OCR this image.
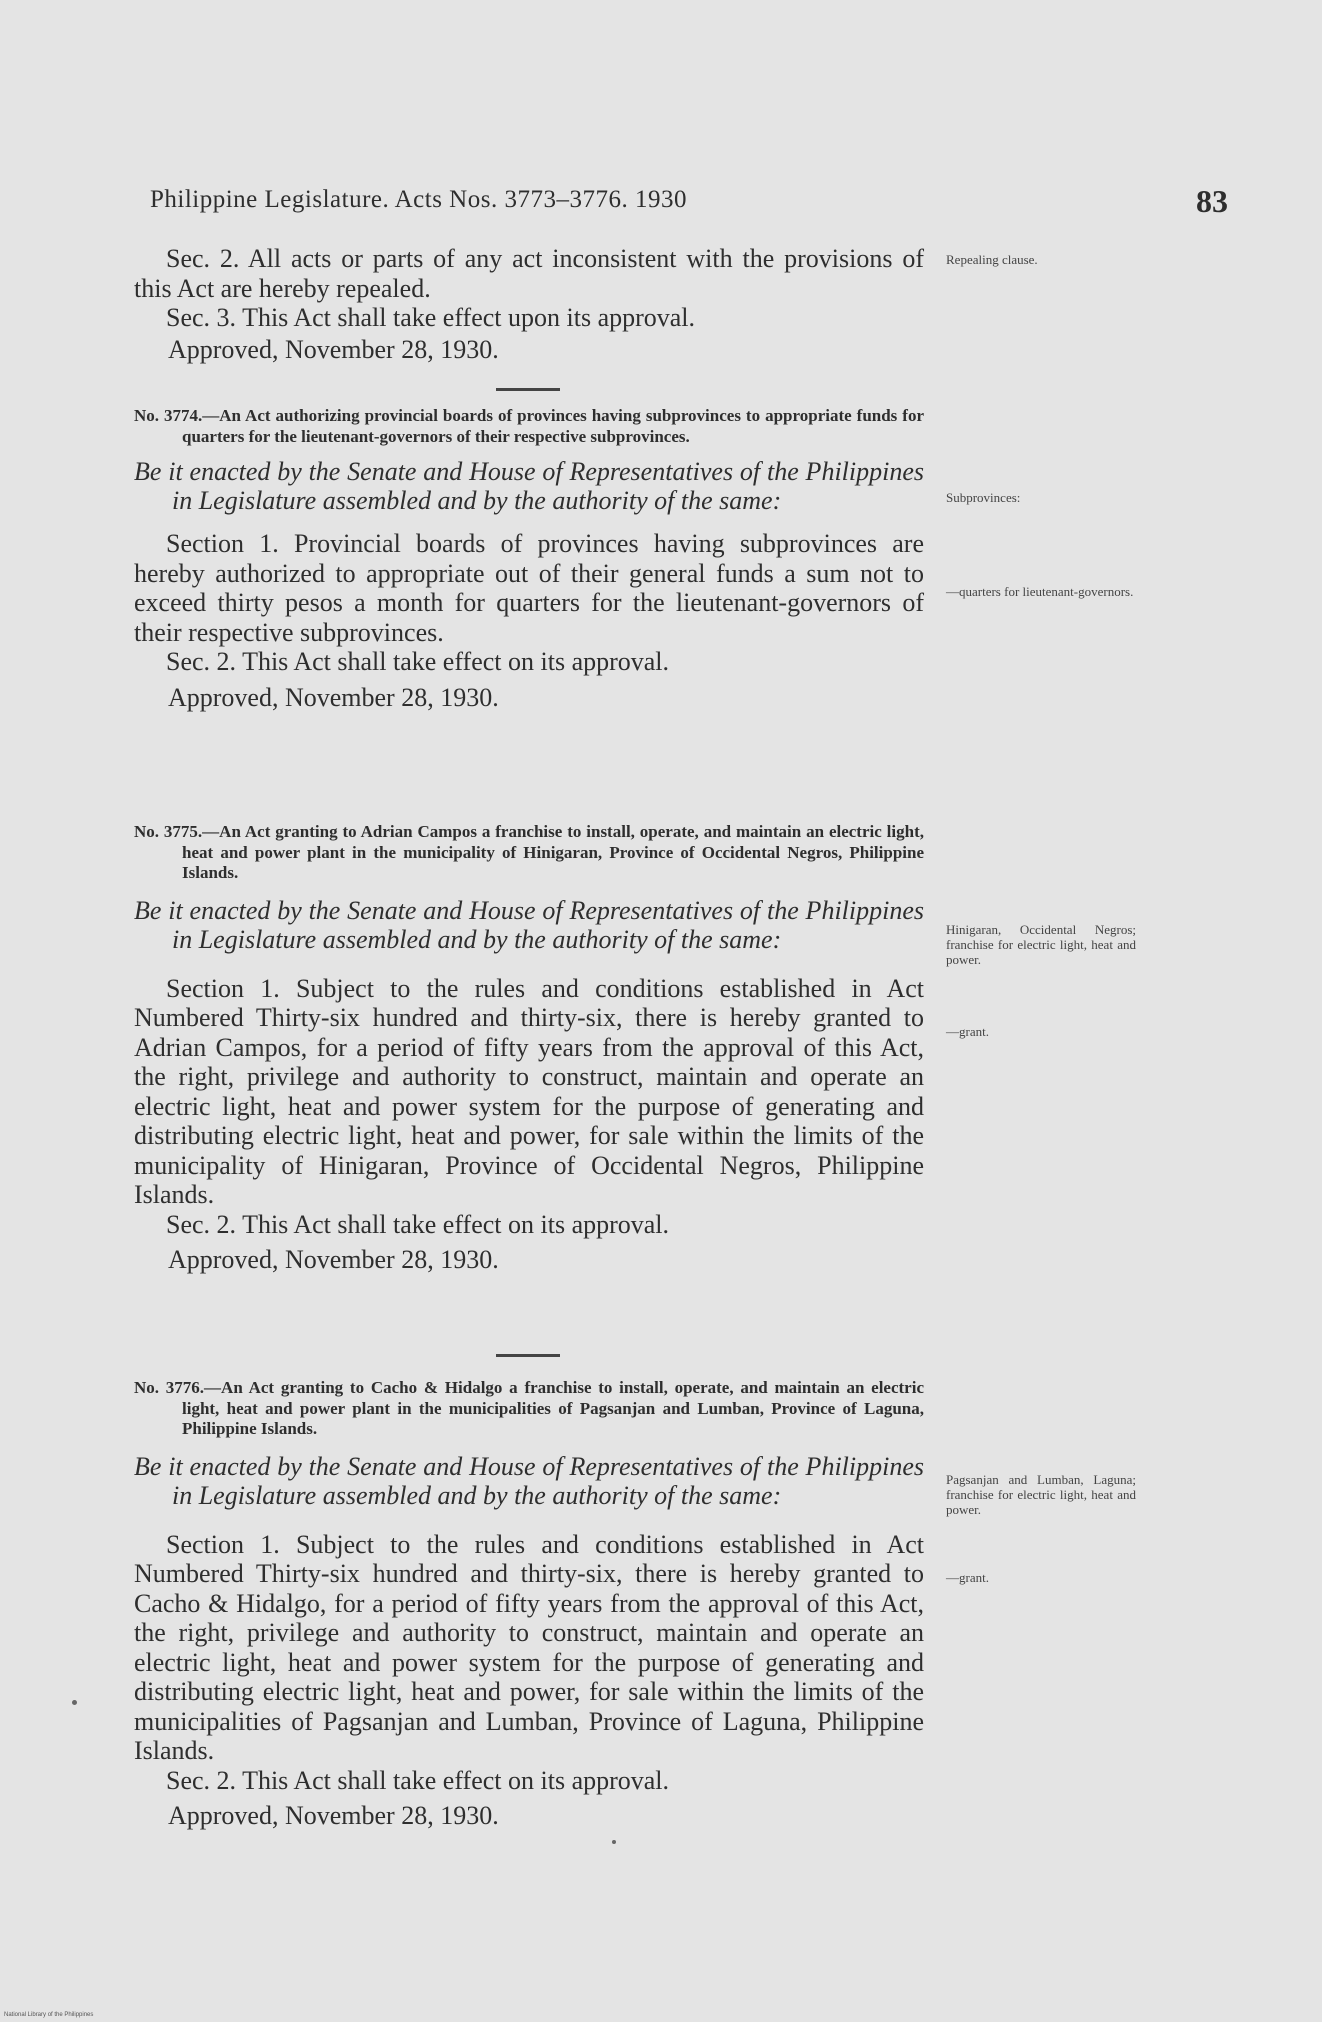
Philippine Legislature. Acts Nos. 3773–3776. 1930	83

Sec. 2. All acts or parts of any act inconsistent with the provisions of this Act are hereby repealed.

Sec. 3. This Act shall take effect upon its approval.

Approved, November 28, 1930.

No. 3774.—An Act authorizing provincial boards of provinces having subprovinces to appropriate funds for quarters for the lieutenant-governors of their respective subprovinces.

Be it enacted by the Senate and House of Representatives of the Philippines in Legislature assembled and by the authority of the same:

Section 1. Provincial boards of provinces having subprovinces are hereby authorized to appropriate out of their general funds a sum not to exceed thirty pesos a month for quarters for the lieutenant-governors of their respective subprovinces.

Sec. 2. This Act shall take effect on its approval.

Approved, November 28, 1930.

No. 3775.—An Act granting to Adrian Campos a franchise to install, operate, and maintain an electric light, heat and power plant in the municipality of Hinigaran, Province of Occidental Negros, Philippine Islands.

Be it enacted by the Senate and House of Representatives of the Philippines in Legislature assembled and by the authority of the same:

Section 1. Subject to the rules and conditions established in Act Numbered Thirty-six hundred and thirty-six, there is hereby granted to Adrian Campos, for a period of fifty years from the approval of this Act, the right, privilege and authority to construct, maintain and operate an electric light, heat and power system for the purpose of generating and distributing electric light, heat and power, for sale within the limits of the municipality of Hinigaran, Province of Occidental Negros, Philippine Islands.

Sec. 2. This Act shall take effect on its approval.

Approved, November 28, 1930.

No. 3776.—An Act granting to Cacho & Hidalgo a franchise to install, operate, and maintain an electric light, heat and power plant in the municipalities of Pagsanjan and Lumban, Province of Laguna, Philippine Islands.

Be it enacted by the Senate and House of Representatives of the Philippines in Legislature assembled and by the authority of the same:

Section 1. Subject to the rules and conditions established in Act Numbered Thirty-six hundred and thirty-six, there is hereby granted to Cacho & Hidalgo, for a period of fifty years from the approval of this Act, the right, privilege and authority to construct, maintain and operate an electric light, heat and power system for the purpose of generating and distributing electric light, heat and power, for sale within the limits of the municipalities of Pagsanjan and Lumban, Province of Laguna, Philippine Islands.

Sec. 2. This Act shall take effect on its approval.

Approved, November 28, 1930.

Repealing clause.
Subprovinces:
—quarters for lieutenant-governors.
Hinigaran, Occidental Negros; franchise for electric light, heat and power.
—grant.
Pagsanjan and Lumban, Laguna; franchise for electric light, heat and power.
—grant.
National Library of the Philippines
